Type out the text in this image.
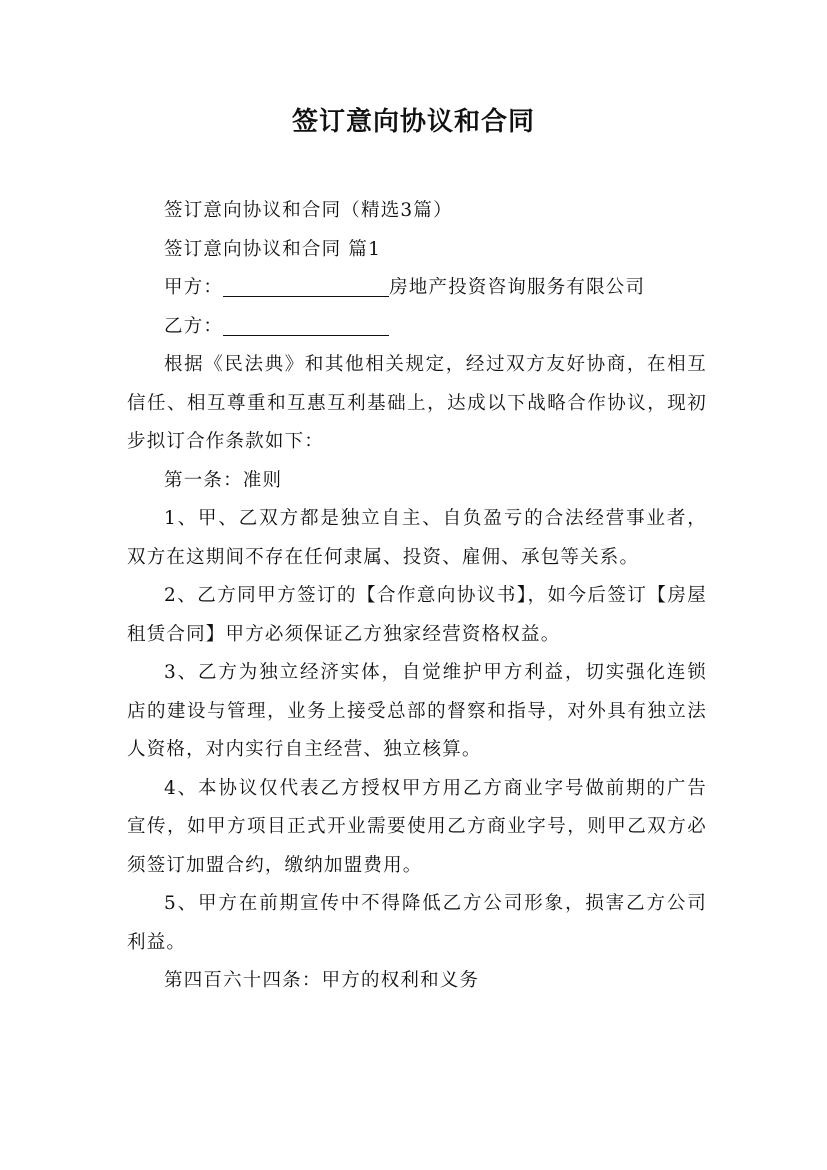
签订意向协议和合同

签订意向协议和合同（精选3篇）

签订意向协议和合同 篇1

甲方：	房地产投资咨询服务有限公司

乙方：

根据《民法典》和其他相关规定，经过双方友好协商，在相互信任、相互尊重和互惠互利基础上，达成以下战略合作协议，现初步拟订合作条款如下：

第一条：准则

1、甲、乙双方都是独立自主、自负盈亏的合法经营事业者，双方在这期间不存在任何隶属、投资、雇佣、承包等关系。

2、乙方同甲方签订的【合作意向协议书】，如今后签订【房屋租赁合同】甲方必须保证乙方独家经营资格权益。

3、乙方为独立经济实体，自觉维护甲方利益，切实强化连锁店的建设与管理，业务上接受总部的督察和指导，对外具有独立法人资格，对内实行自主经营、独立核算。

4、本协议仅代表乙方授权甲方用乙方商业字号做前期的广告宣传，如甲方项目正式开业需要使用乙方商业字号，则甲乙双方必须签订加盟合约，缴纳加盟费用。

5、甲方在前期宣传中不得降低乙方公司形象，损害乙方公司利益。

第四百六十四条：甲方的权利和义务
